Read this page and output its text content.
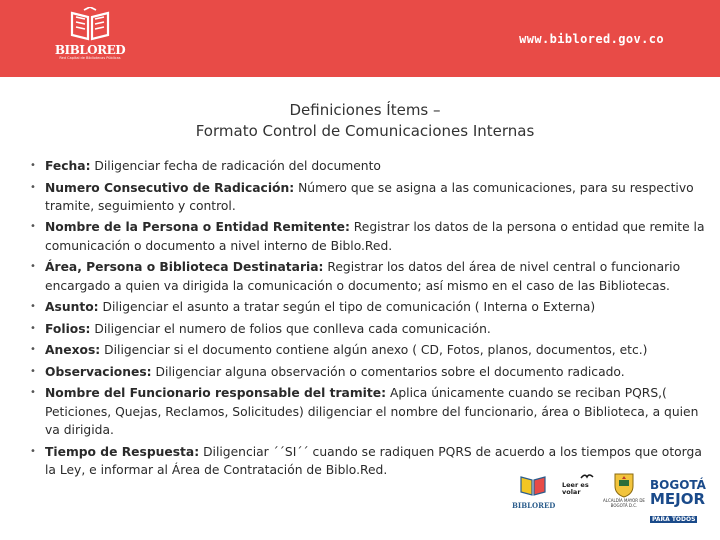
BIBLORED
Red Capital de Bibliotecas Públicas
www.biblored.gov.co
Definiciones Ítems –
Formato Control de Comunicaciones Internas
• Fecha: Diligenciar fecha de radicación del documento
• Numero Consecutivo de Radicación: Número que se asigna a las comunicaciones, para su respectivo tramite, seguimiento y control.
• Nombre de la Persona o Entidad Remitente: Registrar los datos de la persona o entidad que remite la comunicación o documento a nivel interno de Biblo.Red.
• Área, Persona o Biblioteca Destinataria: Registrar los datos del área de nivel central o funcionario encargado a quien va dirigida la comunicación o documento; así mismo en el caso de las Bibliotecas.
• Asunto: Diligenciar el asunto a tratar según el tipo de comunicación ( Interna o Externa)
• Folios: Diligenciar el numero de folios que conlleva cada comunicación.
• Anexos: Diligenciar si el documento contiene algún anexo ( CD, Fotos, planos, documentos, etc.)
• Observaciones: Diligenciar alguna observación o comentarios sobre el documento radicado.
• Nombre del Funcionario responsable del tramite: Aplica únicamente cuando se reciban PQRS,( Peticiones, Quejas, Reclamos, Solicitudes) diligenciar el nombre del funcionario, área o Biblioteca, a quien va dirigida.
• Tiempo de Respuesta: Diligenciar ´´SI´´ cuando se radiquen PQRS de acuerdo a los tiempos que otorga la Ley, e informar al Área de Contratación de Biblo.Red.
BIBLORED
Leer es volar
ALCALDÍA MAYOR DE BOGOTÁ D.C.
BOGOTÁ
MEJOR
PARA TODOS
